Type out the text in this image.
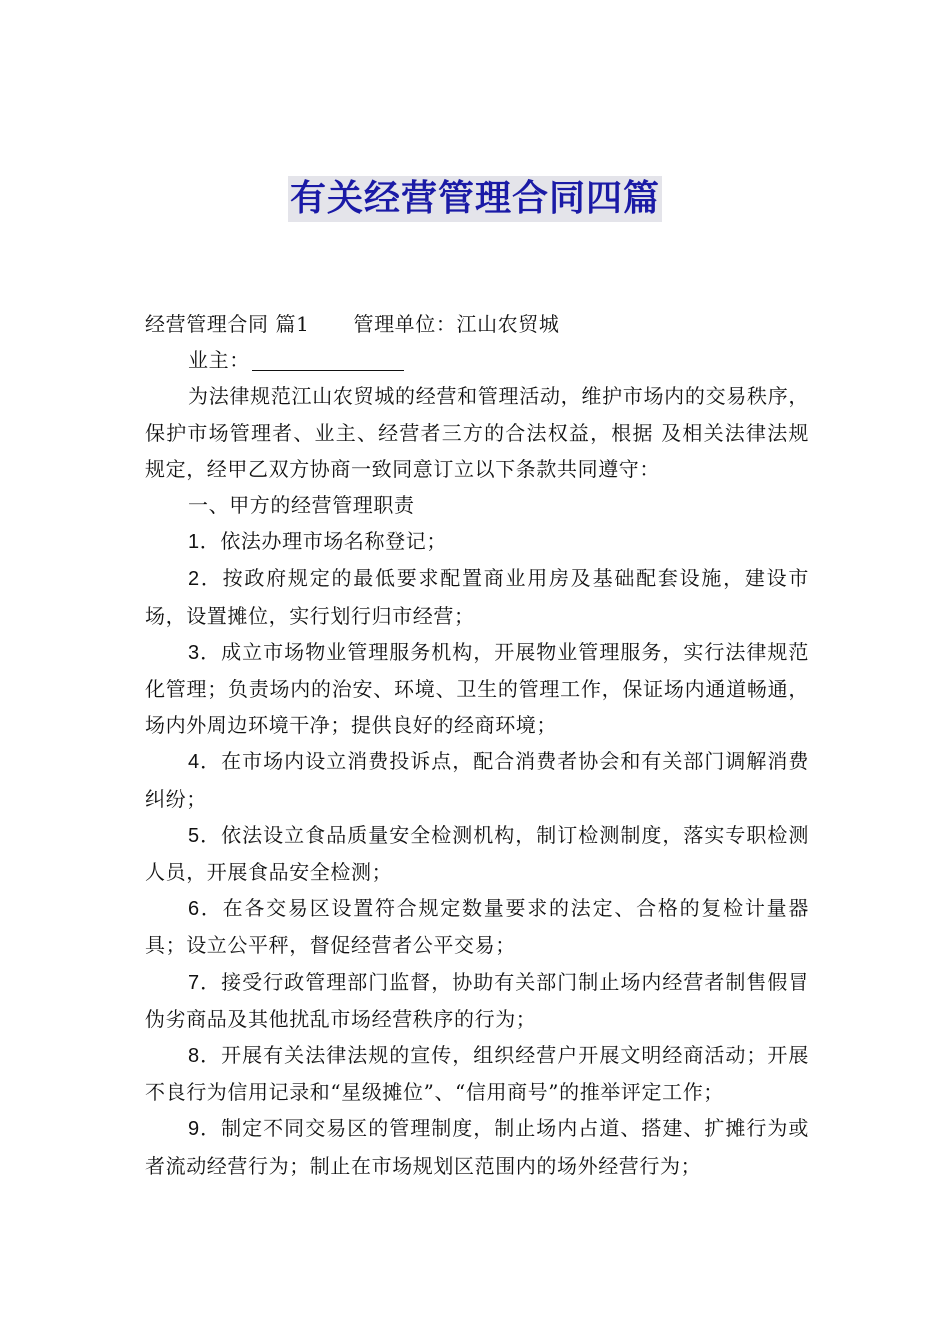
有关经营管理合同四篇

经营管理合同 篇1 管理单位：江山农贸城

业主：

为法律规范江山农贸城的经营和管理活动，维护市场内的交易秩序，保护市场管理者、业主、经营者三方的合法权益，根据 及相关法律法规规定，经甲乙双方协商一致同意订立以下条款共同遵守：

一、甲方的经营管理职责

1．依法办理市场名称登记；

2．按政府规定的最低要求配置商业用房及基础配套设施，建设市场，设置摊位，实行划行归市经营；

3．成立市场物业管理服务机构，开展物业管理服务，实行法律规范化管理；负责场内的治安、环境、卫生的管理工作，保证场内通道畅通，场内外周边环境干净；提供良好的经商环境；

4．在市场内设立消费投诉点，配合消费者协会和有关部门调解消费纠纷；

5．依法设立食品质量安全检测机构，制订检测制度，落实专职检测人员，开展食品安全检测；

6．在各交易区设置符合规定数量要求的法定、合格的复检计量器具；设立公平秤，督促经营者公平交易；

7．接受行政管理部门监督，协助有关部门制止场内经营者制售假冒伪劣商品及其他扰乱市场经营秩序的行为；

8．开展有关法律法规的宣传，组织经营户开展文明经商活动；开展不良行为信用记录和“星级摊位”、“信用商号”的推举评定工作；

9．制定不同交易区的管理制度，制止场内占道、搭建、扩摊行为或者流动经营行为；制止在市场规划区范围内的场外经营行为；
